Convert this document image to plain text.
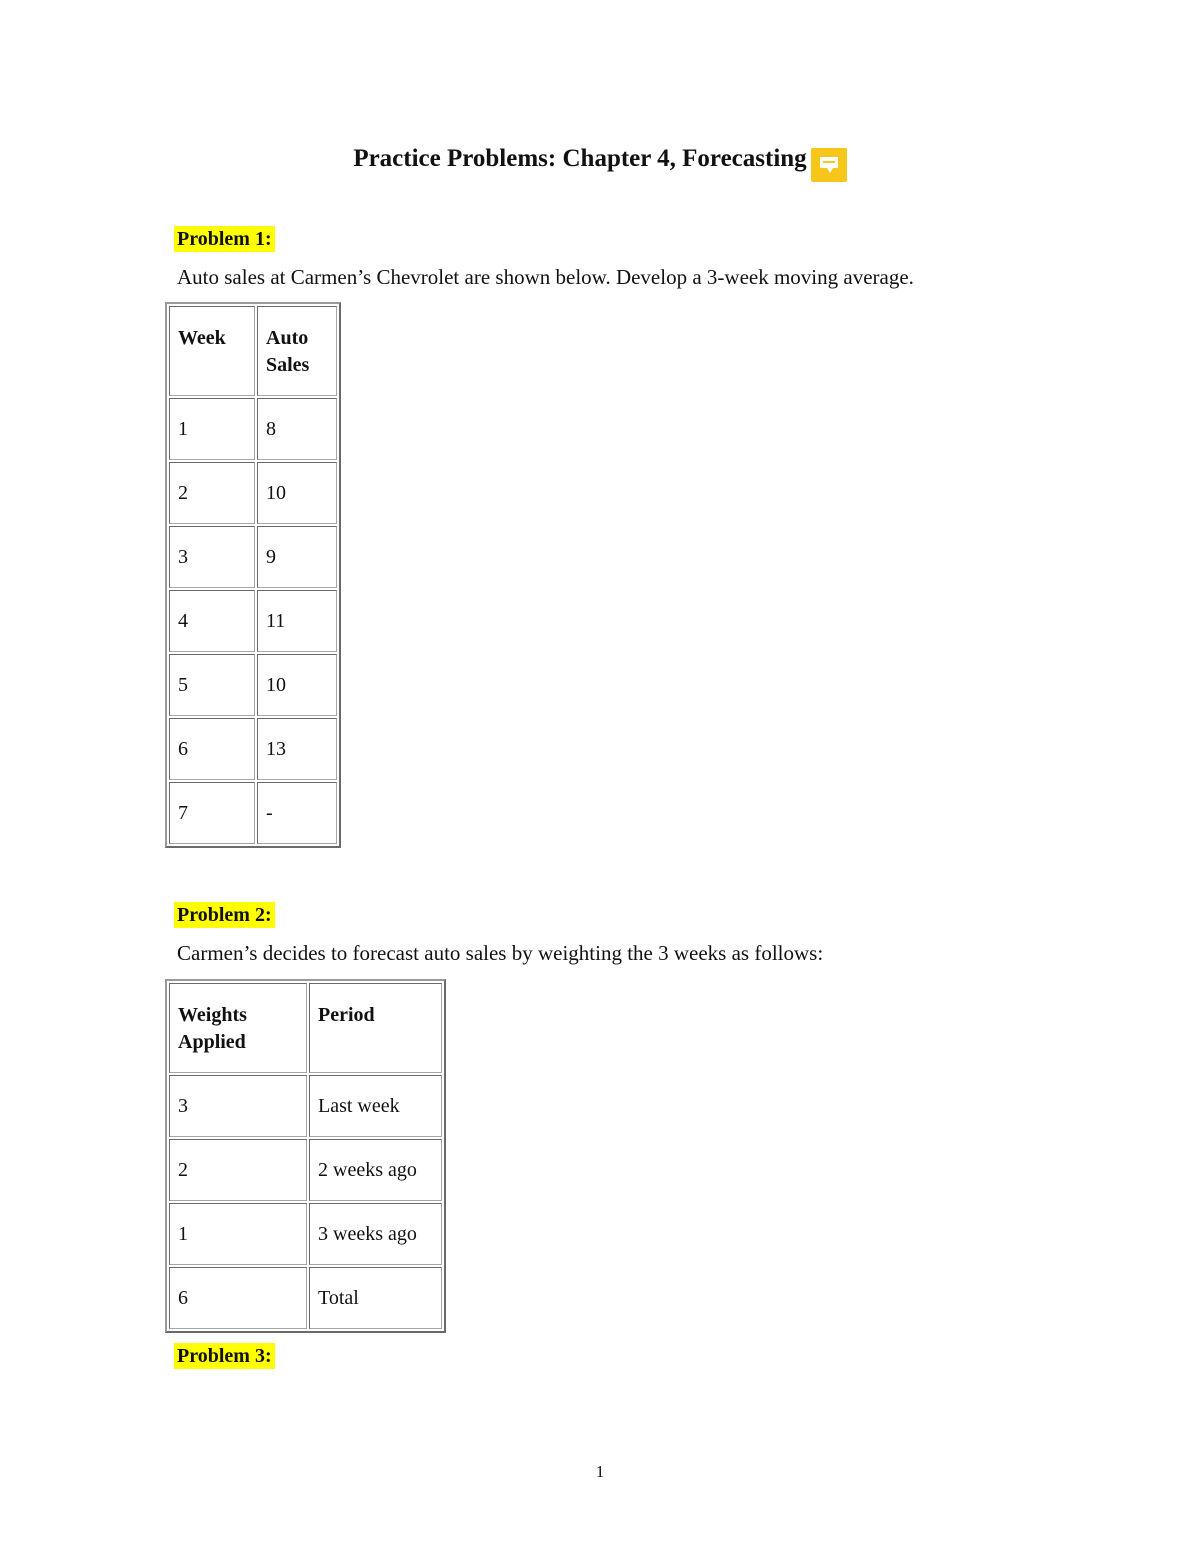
Practice Problems: Chapter 4, Forecasting
Problem 1:
Auto sales at Carmen’s Chevrolet are shown below. Develop a 3-week moving average.
Week	Auto Sales
1	8
2	10
3	9
4	11
5	10
6	13
7	-
Problem 2:
Carmen’s decides to forecast auto sales by weighting the 3 weeks as follows:
Weights Applied	Period
3	Last week
2	2 weeks ago
1	3 weeks ago
6	Total
Problem 3:
1
